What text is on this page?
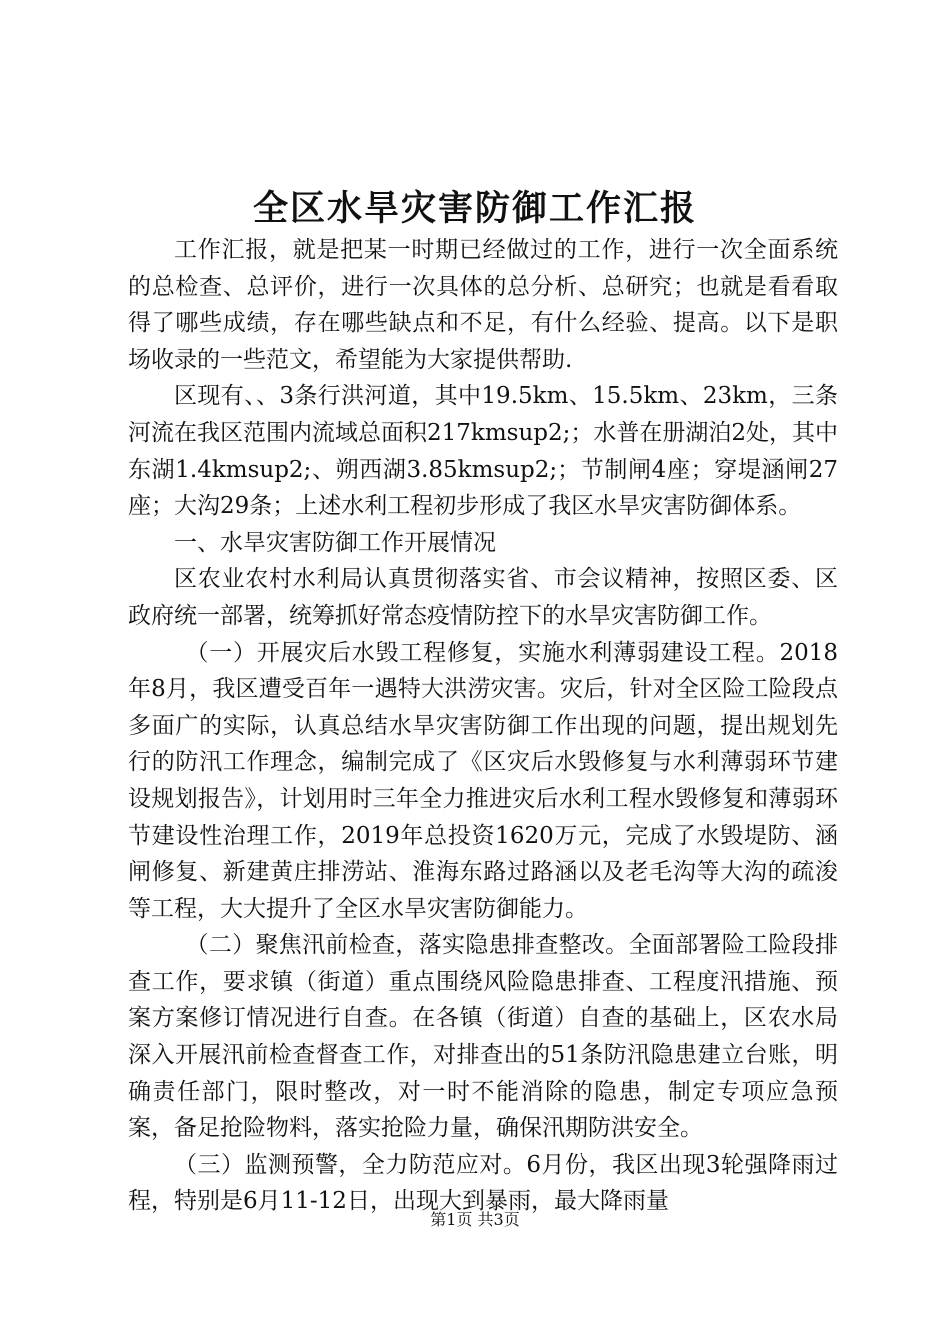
全区水旱灾害防御工作汇报

工作汇报，就是把某一时期已经做过的工作，进行一次全面系统的总检查、总评价，进行一次具体的总分析、总研究；也就是看看取得了哪些成绩，存在哪些缺点和不足，有什么经验、提高。以下是职场收录的一些范文，希望能为大家提供帮助.

区现有、、3条行洪河道，其中19.5km、15.5km、23km，三条河流在我区范围内流域总面积217kmsup2;；水普在册湖泊2处，其中东湖1.4kmsup2;、朔西湖3.85kmsup2;；节制闸4座；穿堤涵闸27座；大沟29条；上述水利工程初步形成了我区水旱灾害防御体系。

一、水旱灾害防御工作开展情况

区农业农村水利局认真贯彻落实省、市会议精神，按照区委、区政府统一部署，统筹抓好常态疫情防控下的水旱灾害防御工作。

（一）开展灾后水毁工程修复，实施水利薄弱建设工程。2018年8月，我区遭受百年一遇特大洪涝灾害。灾后，针对全区险工险段点多面广的实际，认真总结水旱灾害防御工作出现的问题，提出规划先行的防汛工作理念，编制完成了《区灾后水毁修复与水利薄弱环节建设规划报告》，计划用时三年全力推进灾后水利工程水毁修复和薄弱环节建设性治理工作，2019年总投资1620万元，完成了水毁堤防、涵闸修复、新建黄庄排涝站、淮海东路过路涵以及老毛沟等大沟的疏浚等工程，大大提升了全区水旱灾害防御能力。

（二）聚焦汛前检查，落实隐患排查整改。全面部署险工险段排查工作，要求镇（街道）重点围绕风险隐患排查、工程度汛措施、预案方案修订情况进行自查。在各镇（街道）自查的基础上，区农水局深入开展汛前检查督查工作，对排查出的51条防汛隐患建立台账，明确责任部门，限时整改，对一时不能消除的隐患，制定专项应急预案，备足抢险物料，落实抢险力量，确保汛期防洪安全。

（三）监测预警，全力防范应对。6月份，我区出现3轮强降雨过程，特别是6月11-12日，出现大到暴雨，最大降雨量

第1页 共3页
